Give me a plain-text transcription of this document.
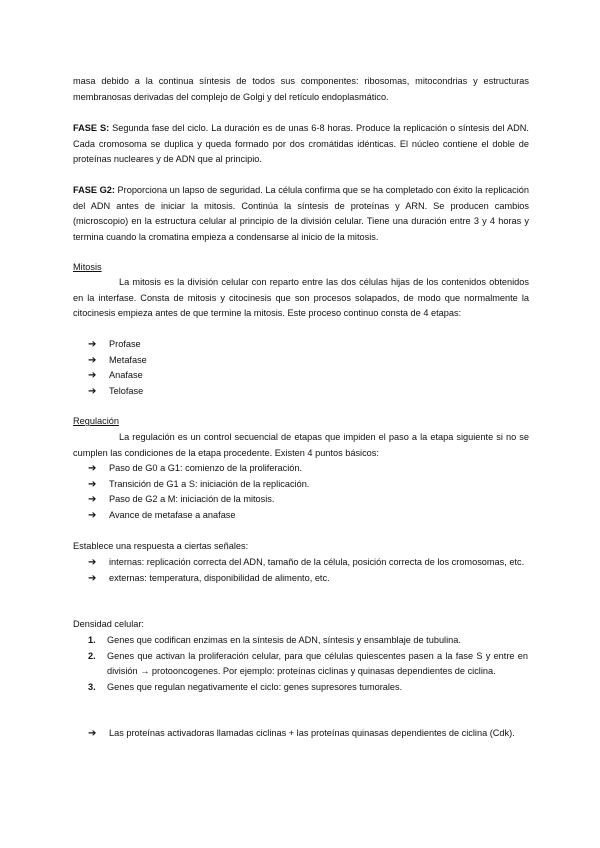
masa debido a la continua síntesis de todos sus componentes: ribosomas, mitocondrias y estructuras membranosas derivadas del complejo de Golgi y del retículo endoplasmático.

FASE S: Segunda fase del ciclo. La duración es de unas 6-8 horas. Produce la replicación o síntesis del ADN. Cada cromosoma se duplica y queda formado por dos cromátidas idénticas. El núcleo contiene el doble de proteínas nucleares y de ADN que al principio.

FASE G2: Proporciona un lapso de seguridad. La célula confirma que se ha completado con éxito la replicación del ADN antes de iniciar la mitosis. Continúa la síntesis de proteínas y ARN. Se producen cambios (microscopio) en la estructura celular al principio de la división celular. Tiene una duración entre 3 y 4 horas y termina cuando la cromatina empieza a condensarse al inicio de la mitosis.

Mitosis

La mitosis es la división celular con reparto entre las dos células hijas de los contenidos obtenidos en la interfase. Consta de mitosis y citocinesis que son procesos solapados, de modo que normalmente la citocinesis empieza antes de que termine la mitosis. Este proceso continuo consta de 4 etapas:

➔ Profase
➔ Metafase
➔ Anafase
➔ Telofase
Regulación

La regulación es un control secuencial de etapas que impiden el paso a la etapa siguiente si no se cumplen las condiciones de la etapa procedente. Existen 4 puntos básicos:

➔ Paso de G0 a G1: comienzo de la proliferación.
➔ Transición de G1 a S: iniciación de la replicación.
➔ Paso de G2 a M: iniciación de la mitosis.
➔ Avance de metafase a anafase
Establece una respuesta a ciertas señales:
➔ internas: replicación correcta del ADN, tamaño de la célula, posición correcta de los cromosomas, etc.
➔ externas: temperatura, disponibilidad de alimento, etc.
Densidad celular:
1. Genes que codifican enzimas en la síntesis de ADN, síntesis y ensamblaje de tubulina.
2. Genes que activan la proliferación celular, para que células quiescentes pasen a la fase S y entre en división → protooncogenes. Por ejemplo: proteínas ciclinas y quinasas dependientes de ciclina.
3. Genes que regulan negativamente el ciclo: genes supresores tumorales.
➔ Las proteínas activadoras llamadas ciclinas + las proteínas quinasas dependientes de ciclina (Cdk).
